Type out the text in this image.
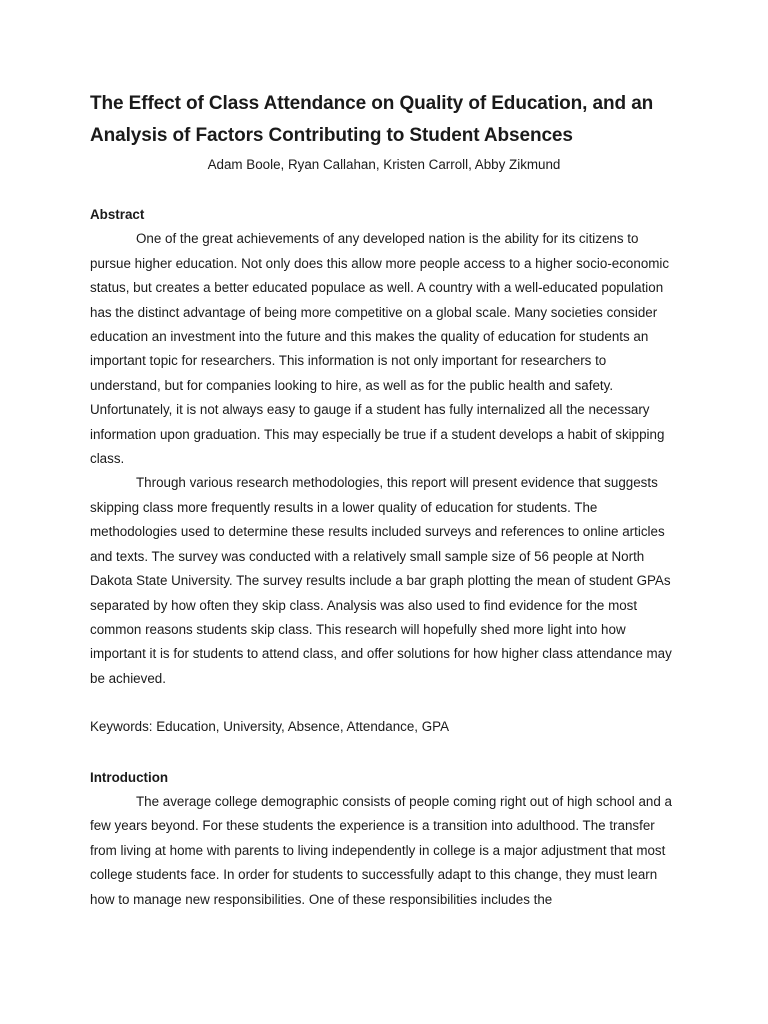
The Effect of Class Attendance on Quality of Education, and an Analysis of Factors Contributing to Student Absences

Adam Boole, Ryan Callahan, Kristen Carroll, Abby Zikmund

Abstract

One of the great achievements of any developed nation is the ability for its citizens to pursue higher education. Not only does this allow more people access to a higher socio-economic status, but creates a better educated populace as well. A country with a well-educated population has the distinct advantage of being more competitive on a global scale. Many societies consider education an investment into the future and this makes the quality of education for students an important topic for researchers. This information is not only important for researchers to understand, but for companies looking to hire, as well as for the public health and safety. Unfortunately, it is not always easy to gauge if a student has fully internalized all the necessary information upon graduation. This may especially be true if a student develops a habit of skipping class.

Through various research methodologies, this report will present evidence that suggests skipping class more frequently results in a lower quality of education for students. The methodologies used to determine these results included surveys and references to online articles and texts. The survey was conducted with a relatively small sample size of 56 people at North Dakota State University. The survey results include a bar graph plotting the mean of student GPAs separated by how often they skip class. Analysis was also used to find evidence for the most common reasons students skip class. This research will hopefully shed more light into how important it is for students to attend class, and offer solutions for how higher class attendance may be achieved.

Keywords: Education, University, Absence, Attendance, GPA

Introduction

The average college demographic consists of people coming right out of high school and a few years beyond. For these students the experience is a transition into adulthood. The transfer from living at home with parents to living independently in college is a major adjustment that most college students face. In order for students to successfully adapt to this change, they must learn how to manage new responsibilities. One of these responsibilities includes the
